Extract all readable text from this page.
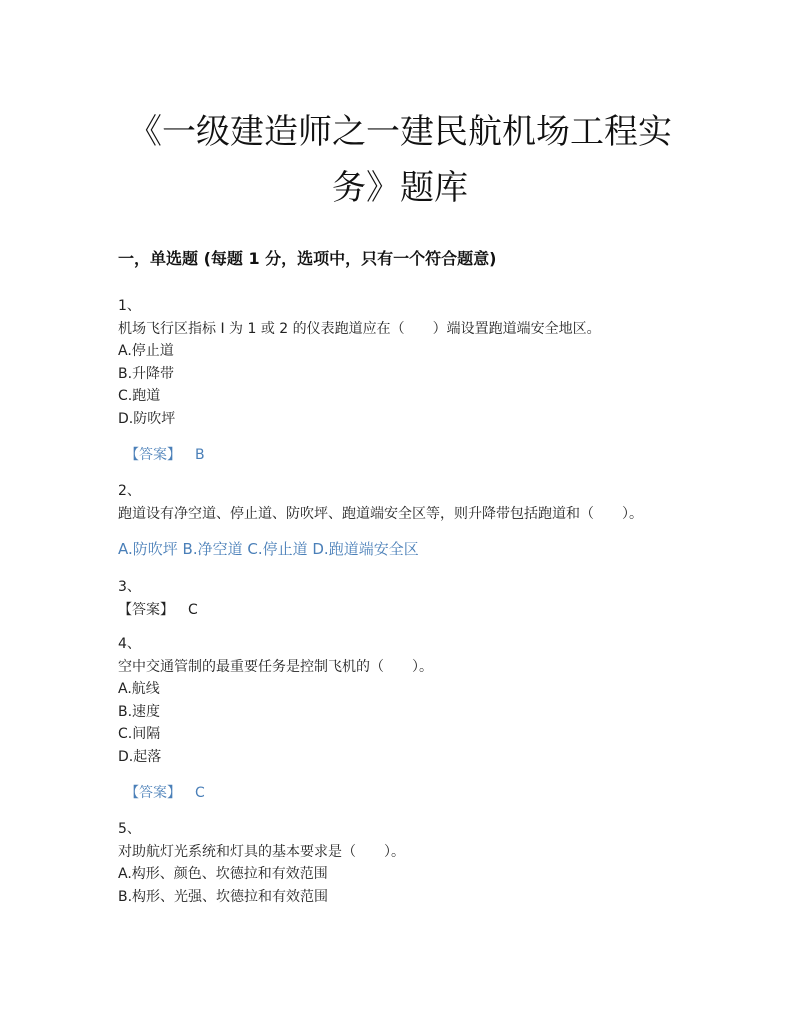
《一级建造师之一建民航机场工程实
务》题库
一，单选题 (每题 1 分，选项中，只有一个符合题意)
1、
机场飞行区指标 I 为 1 或 2 的仪表跑道应在（　　）端设置跑道端安全地区。
A.停止道
B.升降带
C.跑道
D.防吹坪
【答案】 B
2、
跑道设有净空道、停止道、防吹坪、跑道端安全区等，则升降带包括跑道和（　　）。
A.防吹坪 B.净空道 C.停止道 D.跑道端安全区
3、
【答案】 C
4、
空中交通管制的最重要任务是控制飞机的（　　）。
A.航线
B.速度
C.间隔
D.起落
【答案】 C
5、
对助航灯光系统和灯具的基本要求是（　　）。
A.构形、颜色、坎德拉和有效范围
B.构形、光强、坎德拉和有效范围
